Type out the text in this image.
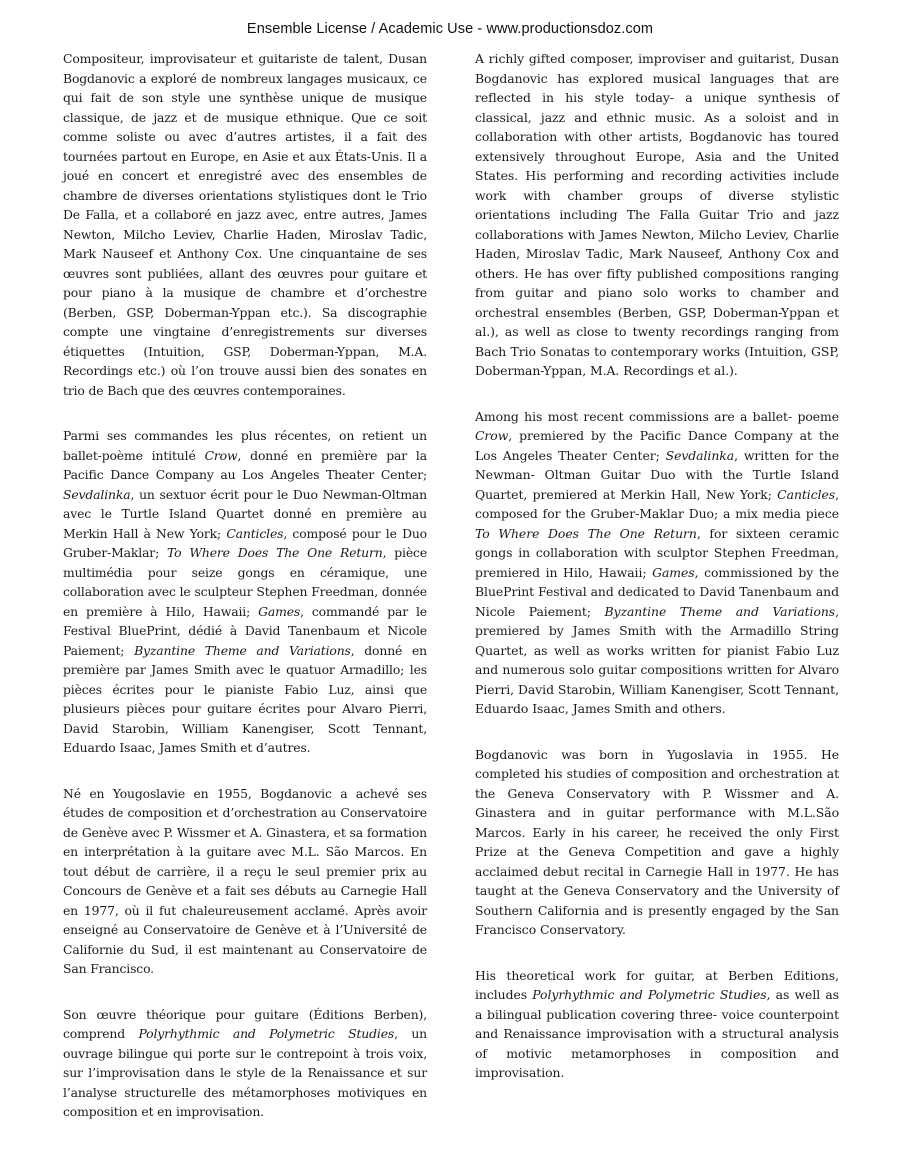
Ensemble License / Academic Use - www.productionsdoz.com

Compositeur, improvisateur et guitariste de talent, Dusan Bogdanovic a exploré de nombreux langages musicaux, ce qui fait de son style une synthèse unique de musique classique, de jazz et de musique ethnique. Que ce soit comme soliste ou avec d’autres artistes, il a fait des tournées partout en Europe, en Asie et aux États-Unis. Il a joué en concert et enregistré avec des ensembles de chambre de diverses orientations stylistiques dont le Trio De Falla, et a collaboré en jazz avec, entre autres, James Newton, Milcho Leviev, Charlie Haden, Miroslav Tadic, Mark Nauseef et Anthony Cox. Une cinquantaine de ses œuvres sont publiées, allant des œuvres pour guitare et pour piano à la musique de chambre et d’orchestre (Berben, GSP, Doberman-Yppan etc.). Sa discographie compte une vingtaine d’enregistrements sur diverses étiquettes (Intuition, GSP, Doberman-Yppan, M.A. Recordings etc.) où l’on trouve aussi bien des sonates en trio de Bach que des œuvres contemporaines.

Parmi ses commandes les plus récentes, on retient un ballet-poème intitulé Crow, donné en première par la Pacific Dance Company au Los Angeles Theater Center; Sevdalinka, un sextuor écrit pour le Duo Newman-Oltman avec le Turtle Island Quartet donné en première au Merkin Hall à New York; Canticles, composé pour le Duo Gruber-Maklar; To Where Does The One Return, pièce multimédia pour seize gongs en céramique, une collaboration avec le sculpteur Stephen Freedman, donnée en première à Hilo, Hawaii; Games, commandé par le Festival BluePrint, dédié à David Tanenbaum et Nicole Paiement; Byzantine Theme and Variations, donné en première par James Smith avec le quatuor Armadillo; les pièces écrites pour le pianiste Fabio Luz, ainsi que plusieurs pièces pour guitare écrites pour Alvaro Pierri, David Starobin, William Kanengiser, Scott Tennant, Eduardo Isaac, James Smith et d’autres.

Né en Yougoslavie en 1955, Bogdanovic a achevé ses études de composition et d’orchestration au Conservatoire de Genève avec P. Wissmer et A. Ginastera, et sa formation en interprétation à la guitare avec M.L. São Marcos. En tout début de carrière, il a reçu le seul premier prix au Concours de Genève et a fait ses débuts au Carnegie Hall en 1977, où il fut chaleureusement acclamé. Après avoir enseigné au Conservatoire de Genève et à l’Université de Californie du Sud, il est maintenant au Conservatoire de San Francisco.

Son œuvre théorique pour guitare (Éditions Berben), comprend Polyrhythmic and Polymetric Studies, un ouvrage bilingue qui porte sur le contrepoint à trois voix, sur l’improvisation dans le style de la Renaissance et sur l’analyse structurelle des métamorphoses motiviques en composition et en improvisation.

A richly gifted composer, improviser and guitarist, Dusan Bogdanovic has explored musical languages that are reflected in his style today- a unique synthesis of classical, jazz and ethnic music. As a soloist and in collaboration with other artists, Bogdanovic has toured extensively throughout Europe, Asia and the United States. His performing and recording activities include work with chamber groups of diverse stylistic orientations including The Falla Guitar Trio and jazz collaborations with James Newton, Milcho Leviev, Charlie Haden, Miroslav Tadic, Mark Nauseef, Anthony Cox and others. He has over fifty published compositions ranging from guitar and piano solo works to chamber and orchestral ensembles (Berben, GSP, Doberman-Yppan et al.), as well as close to twenty recordings ranging from Bach Trio Sonatas to contemporary works (Intuition, GSP, Doberman-Yppan, M.A. Recordings et al.).

Among his most recent commissions are a ballet- poeme Crow, premiered by the Pacific Dance Company at the Los Angeles Theater Center; Sevdalinka, written for the Newman- Oltman Guitar Duo with the Turtle Island Quartet, premiered at Merkin Hall, New York; Canticles, composed for the Gruber-Maklar Duo; a mix media piece To Where Does The One Return, for sixteen ceramic gongs in collaboration with sculptor Stephen Freedman, premiered in Hilo, Hawaii; Games, commissioned by the BluePrint Festival and dedicated to David Tanenbaum and Nicole Paiement; Byzantine Theme and Variations, premiered by James Smith with the Armadillo String Quartet, as well as works written for pianist Fabio Luz and numerous solo guitar compositions written for Alvaro Pierri, David Starobin, William Kanengiser, Scott Tennant, Eduardo Isaac, James Smith and others.

Bogdanovic was born in Yugoslavia in 1955. He completed his studies of composition and orchestration at the Geneva Conservatory with P. Wissmer and A. Ginastera and in guitar performance with M.L.São Marcos. Early in his career, he received the only First Prize at the Geneva Competition and gave a highly acclaimed debut recital in Carnegie Hall in 1977. He has taught at the Geneva Conservatory and the University of Southern California and is presently engaged by the San Francisco Conservatory.

His theoretical work for guitar, at Berben Editions, includes Polyrhythmic and Polymetric Studies, as well as a bilingual publication covering three- voice counterpoint and Renaissance improvisation with a structural analysis of motivic metamorphoses in composition and improvisation.
